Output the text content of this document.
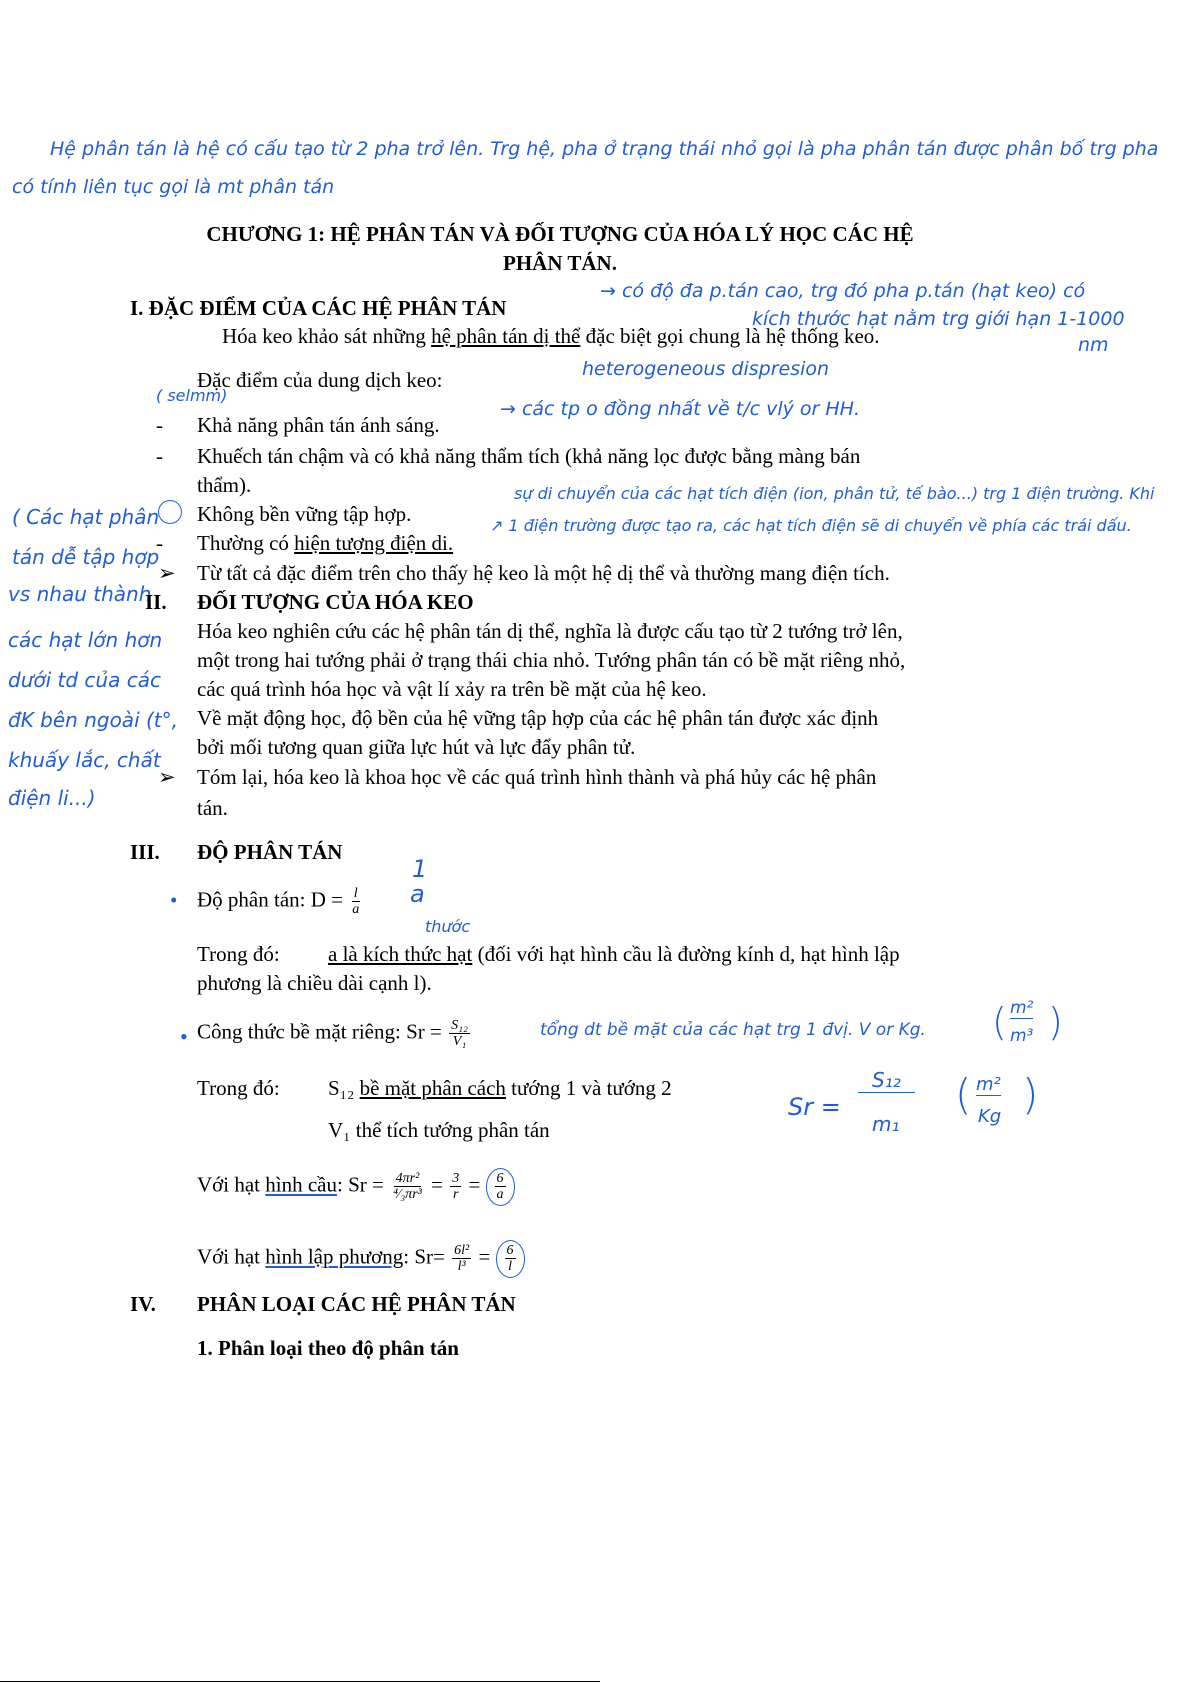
Hệ phân tán là hệ có cấu tạo từ 2 pha trở lên. Trg hệ, pha ở trạng thái nhỏ gọi là pha phân tán được phân bố trg pha
có tính liên tục gọi là mt phân tán
CHƯƠNG 1: HỆ PHÂN TÁN VÀ ĐỐI TƯỢNG CỦA HÓA LÝ HỌC CÁC HỆ
PHÂN TÁN.
I. ĐẶC ĐIỂM CỦA CÁC HỆ PHÂN TÁN
→ có độ đa p.tán cao, trg đó pha p.tán (hạt keo) có
kích thước hạt nằm trg giới hạn 1-1000
nm
Hóa keo khảo sát những hệ phân tán dị thể đặc biệt gọi chung là hệ thống keo.
heterogeneous dispresion
Đặc điểm của dung dịch keo:
( selmm)
- Khả năng phân tán ánh sáng.
→ các tp o đồng nhất về t/c vlý or HH.
- Khuếch tán chậm và có khả năng thẩm tích (khả năng lọc được bằng màng bán
thẩm).	sự di chuyển của các hạt tích điện (ion, phân tử, tế bào...) trg 1 điện trường. Khi
Không bền vững tập hợp.
- Thường có hiện tượng điện di.
↗ 1 điện trường được tạo ra, các hạt tích điện sẽ di chuyển về phía các trái dấu.
➢ Từ tất cả đặc điểm trên cho thấy hệ keo là một hệ dị thể và thường mang điện tích.
( Các hạt phân
tán dễ tập hợp
vs nhau thành
các hạt lớn hơn
dưới td của các
đK bên ngoài (t°,
khuấy lắc, chất
điện li...)
II. ĐỐI TƯỢNG CỦA HÓA KEO
Hóa keo nghiên cứu các hệ phân tán dị thể, nghĩa là được cấu tạo từ 2 tướng trở lên,
một trong hai tướng phải ở trạng thái chia nhỏ. Tướng phân tán có bề mặt riêng nhỏ,
các quá trình hóa học và vật lí xảy ra trên bề mặt của hệ keo.
Về mặt động học, độ bền của hệ vững tập hợp của các hệ phân tán được xác định
bởi mối tương quan giữa lực hút và lực đẩy phân tử.
➢ Tóm lại, hóa keo là khoa học về các quá trình hình thành và phá hủy các hệ phân
tán.
III. ĐỘ PHÂN TÁN
• Độ phân tán: $D = \frac{l}{a}$
1
a
thước
Trong đó: a là kích thức hạt (đối với hạt hình cầu là đường kính d, hạt hình lập
phương là chiều dài cạnh l).
• Công thức bề mặt riêng: $Sr = \frac{\text{S₁₂}}{\text{V₁}}$	tổng dt bề mặt của các hạt trg 1 đvị. V or Kg. ( m²
m³ )
Trong đó: S₁₂ bề mặt phân cách tướng 1 và tướng 2
V₁ thể tích tướng phân tán
Sr =
S₁₂
m₁
( m²
Kg )
Với hạt hình cầu: $Sr = \frac{\text{4πr²}}{\text{⁴⁄₃πr³}} = \frac{3}{r} = \frac{6}{a}$
Với hạt hình lập phương: $Sr= \frac{\text{6l²}}{\text{l³}} = \frac{6}{l}$
IV. PHÂN LOẠI CÁC HỆ PHÂN TÁN
1. Phân loại theo độ phân tán
